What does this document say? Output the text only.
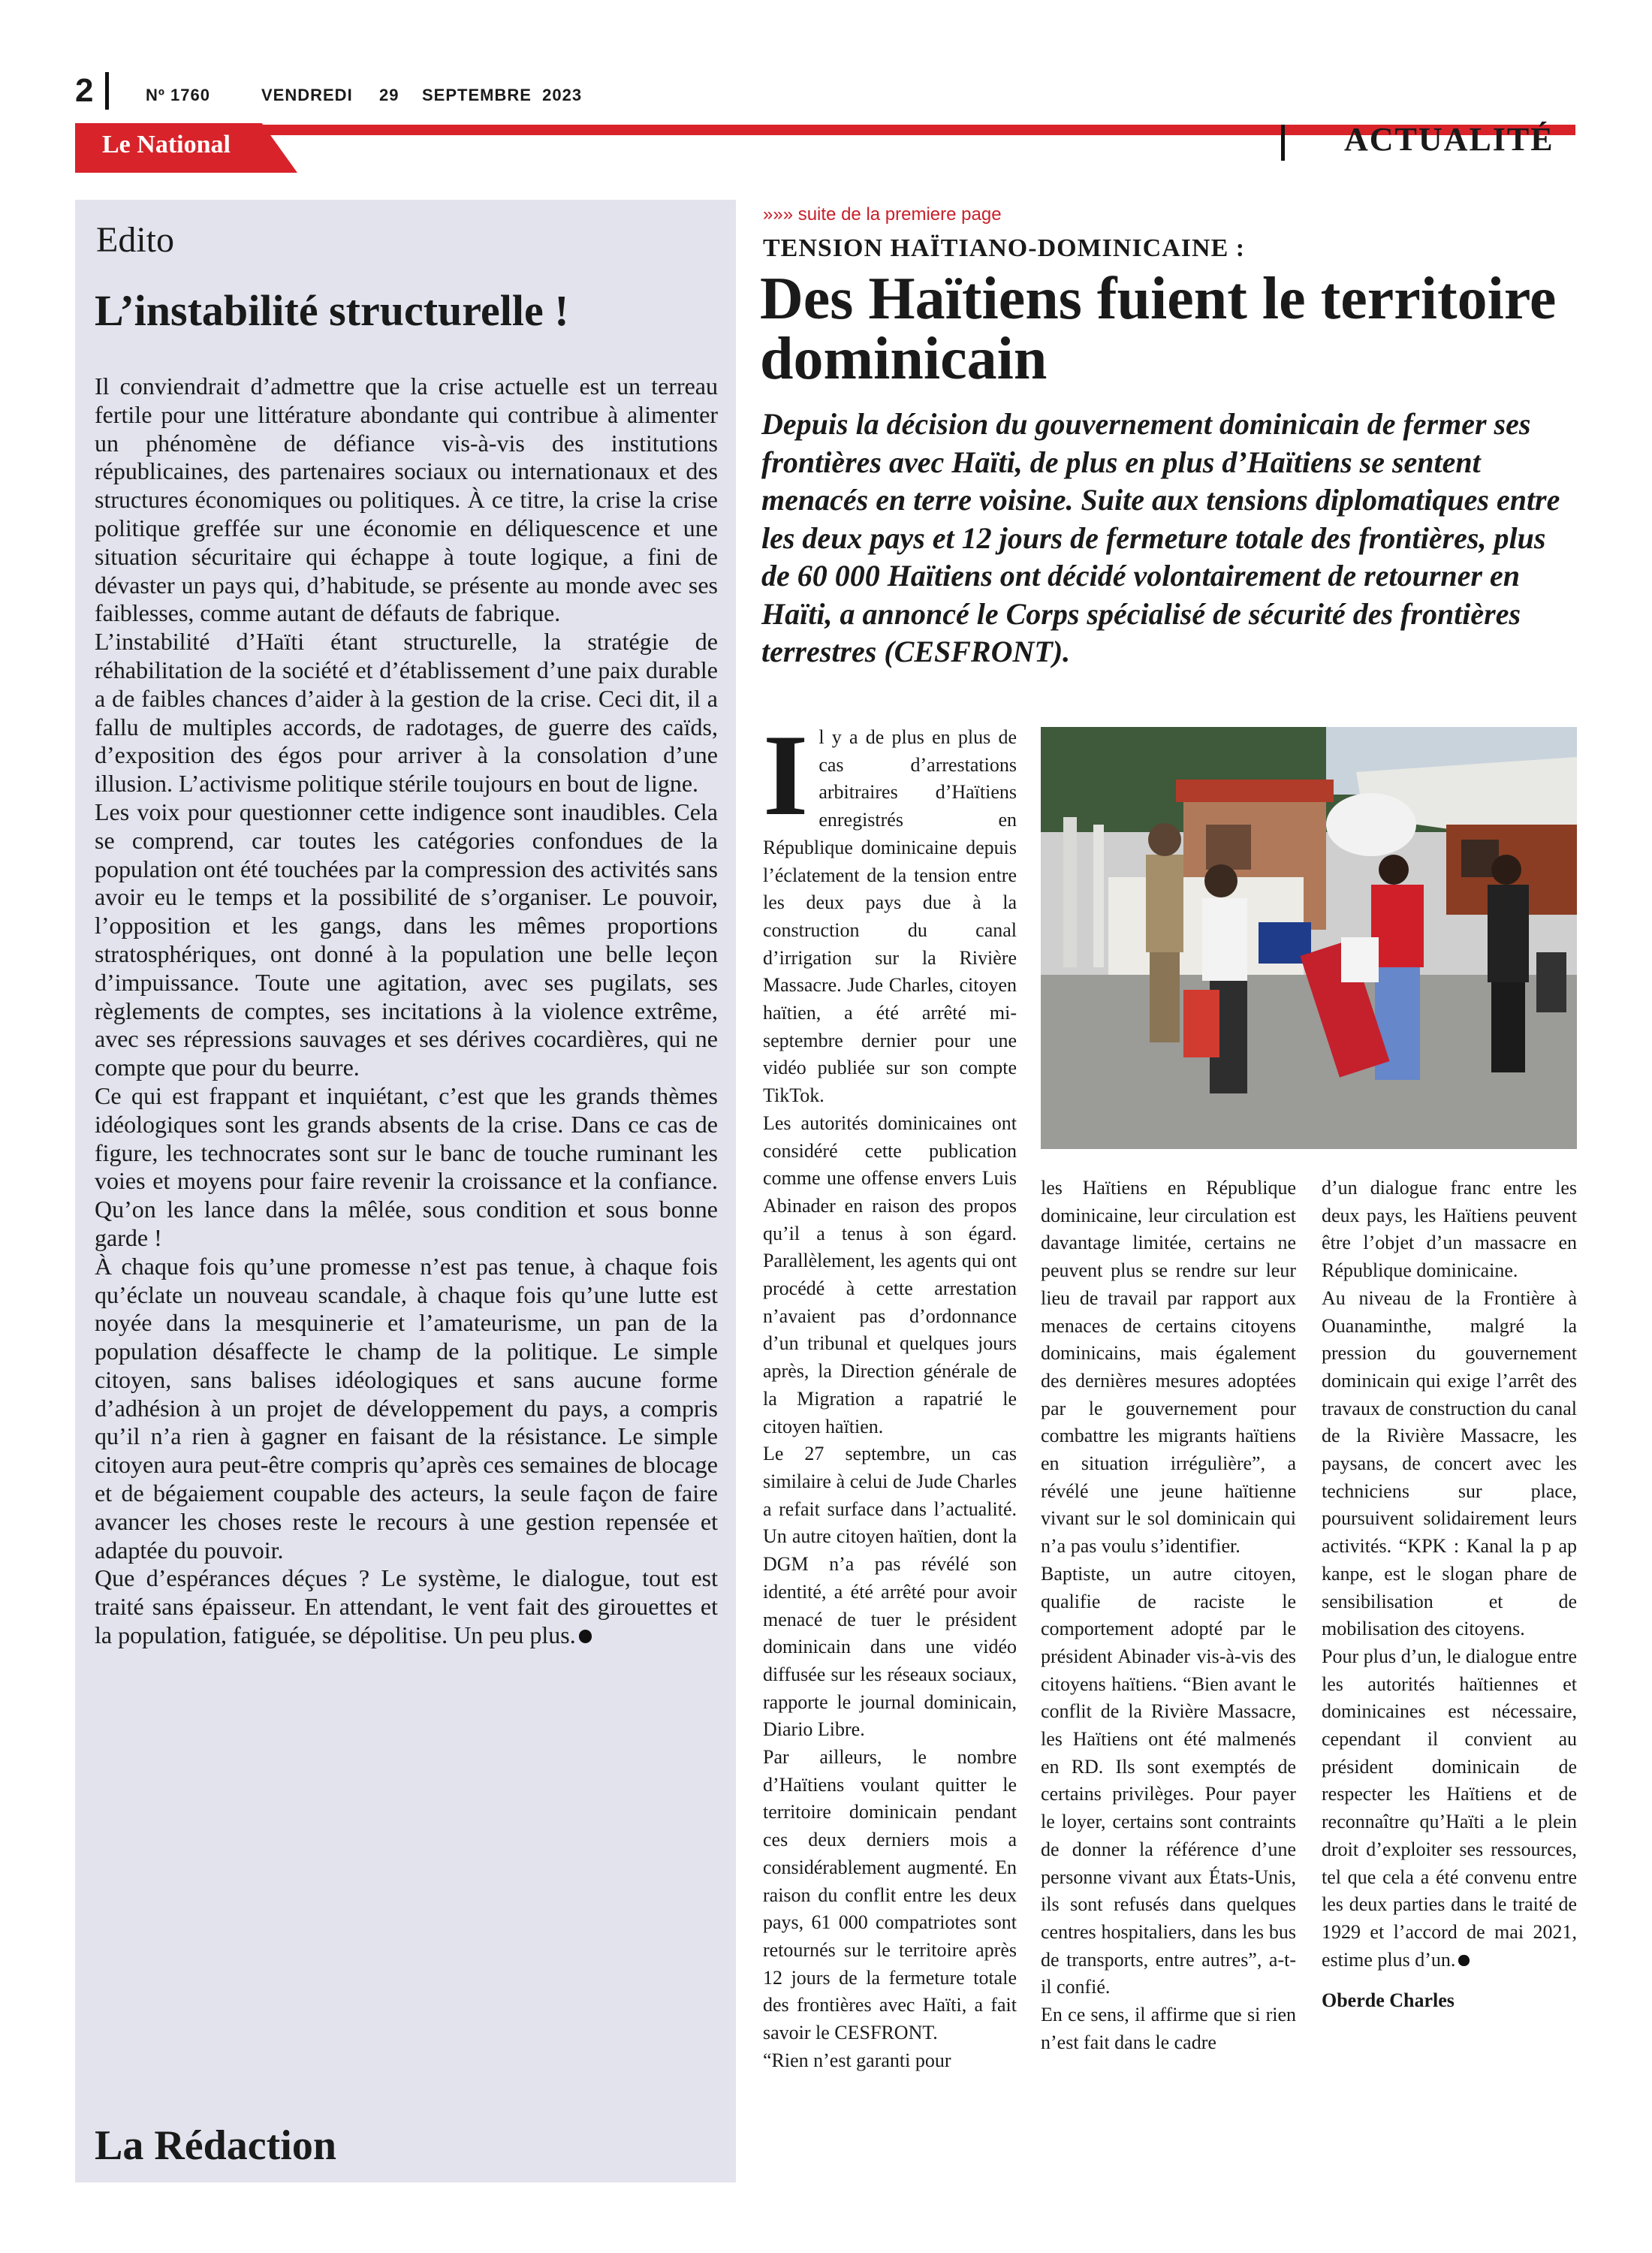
2	Nº 1760	VENDREDI 29 SEPTEMBRE  2023
Le National	ACTUALITÉ
Edito
L’instabilité structurelle !

Il conviendrait d’admettre que la crise actuelle est un terreau fertile pour une littérature abondante qui contribue à alimenter un phénomène de défiance vis-à-vis des institutions républicaines, des partenaires sociaux ou internationaux et des structures économiques ou politiques. À ce titre, la crise la crise politique greffée sur une économie en déliquescence et une situation sécuritaire qui échappe à toute logique, a fini de dévaster un pays qui, d’habitude, se présente au monde avec ses faiblesses, comme autant de défauts de fabrique.

L’instabilité d’Haïti étant structurelle, la stratégie de réhabilitation de la société et d’établissement d’une paix durable a de faibles chances d’aider à la gestion de la crise. Ceci dit, il a fallu de multiples accords, de radotages, de guerre des caïds, d’exposition des égos pour arriver à la consolation d’une illusion. L’activisme politique stérile toujours en bout de ligne.

Les voix pour questionner cette indigence sont inaudibles. Cela se comprend, car toutes les catégories confondues de la population ont été touchées par la compression des activités sans avoir eu le temps et la possibilité de s’organiser. Le pouvoir, l’opposition et les gangs, dans les mêmes proportions stratosphériques, ont donné à la population une belle leçon d’impuissance. Toute une agitation, avec ses pugilats, ses règlements de comptes, ses incitations à la violence extrême, avec ses répressions sauvages et ses dérives cocardières, qui ne compte que pour du beurre.

Ce qui est frappant et inquiétant, c’est que les grands thèmes idéologiques sont les grands absents de la crise. Dans ce cas de figure, les technocrates sont sur le banc de touche ruminant les voies et moyens pour faire revenir la croissance et la confiance. Qu’on les lance dans la mêlée, sous condition et sous bonne garde !

À chaque fois qu’une promesse n’est pas tenue, à chaque fois qu’éclate un nouveau scandale, à chaque fois qu’une lutte est noyée dans la mesquinerie et l’amateurisme, un pan de la population désaffecte le champ de la politique. Le simple citoyen, sans balises idéologiques et sans aucune forme d’adhésion à un projet de développement du pays, a compris qu’il n’a rien à gagner en faisant de la résistance. Le simple citoyen aura peut-être compris qu’après ces semaines de blocage et de bégaiement coupable des acteurs, la seule façon de faire avancer les choses reste le recours à une gestion repensée et adaptée du pouvoir.

Que d’espérances déçues ? Le système, le dialogue, tout est traité sans épaisseur. En attendant, le vent fait des girouettes et la population, fatiguée, se dépolitise. Un peu plus.

La Rédaction
»»» suite de la premiere page
TENSION HAÏTIANO-DOMINICAINE :
Des Haïtiens fuient le territoire dominicain
Depuis la décision du gouvernement dominicain de fermer ses frontières avec Haïti, de plus en plus d’Haïtiens se sentent menacés en terre voisine. Suite aux tensions diplomatiques entre les deux pays et 12 jours de fermeture totale des frontières, plus de 60 000 Haïtiens ont décidé volontairement de retourner en Haïti, a annoncé le Corps spécialisé de sécurité des frontières terrestres (CESFRONT).
I l y a de plus en plus de cas d’arrestations arbitraires d’Haïtiens enregistrés en République dominicaine depuis l’éclatement de la tension entre les deux pays due à la construction du canal d’irrigation sur la Rivière Massacre. Jude Charles, citoyen haïtien, a été arrêté mi-septembre dernier pour une vidéo publiée sur son compte TikTok.

Les autorités dominicaines ont considéré cette publication comme une offense envers Luis Abinader en raison des propos qu’il a tenus à son égard. Parallèlement, les agents qui ont procédé à cette arrestation n’avaient pas d’ordonnance d’un tribunal et quelques jours après, la Direction générale de la Migration a rapatrié le citoyen haïtien.

Le 27 septembre, un cas similaire à celui de Jude Charles a refait surface dans l’actualité. Un autre citoyen haïtien, dont la DGM n’a pas révélé son identité, a été arrêté pour avoir menacé de tuer le président dominicain dans une vidéo diffusée sur les réseaux sociaux, rapporte le journal dominicain, Diario Libre.

Par ailleurs, le nombre d’Haïtiens voulant quitter le territoire dominicain pendant ces deux derniers mois a considérablement augmenté. En raison du conflit entre les deux pays, 61 000 compatriotes sont retournés sur le territoire après 12 jours de la fermeture totale des frontières avec Haïti, a fait savoir le CESFRONT.

“Rien n’est garanti pour

les Haïtiens en République dominicaine, leur circulation est davantage limitée, certains ne peuvent plus se rendre sur leur lieu de travail par rapport aux menaces de certains citoyens dominicains, mais également des dernières mesures adoptées par le gouvernement pour combattre les migrants haïtiens en situation irrégulière”, a révélé une jeune haïtienne vivant sur le sol dominicain qui n’a pas voulu s’identifier.

Baptiste, un autre citoyen, qualifie de raciste le comportement adopté par le président Abinader vis-à-vis des citoyens haïtiens. “Bien avant le conflit de la Rivière Massacre, les Haïtiens ont été malmenés en RD. Ils sont exemptés de certains privilèges. Pour payer le loyer, certains sont contraints de donner la référence d’une personne vivant aux États-Unis, ils sont refusés dans quelques centres hospitaliers, dans les bus de transports, entre autres”, a-t-il confié.

En ce sens, il affirme que si rien n’est fait dans le cadre

d’un dialogue franc entre les deux pays, les Haïtiens peuvent être l’objet d’un massacre en République dominicaine.

Au niveau de la Frontière à Ouanaminthe, malgré la pression du gouvernement dominicain qui exige l’arrêt des travaux de construction du canal de la Rivière Massacre, les paysans, de concert avec les techniciens sur place, poursuivent solidairement leurs activités. “KPK : Kanal la p ap kanpe, est le slogan phare de sensibilisation et de mobilisation des citoyens.

Pour plus d’un, le dialogue entre les autorités haïtiennes et dominicaines est nécessaire, cependant il convient au président dominicain de respecter les Haïtiens et de reconnaître qu’Haïti a le plein droit d’exploiter ses ressources, tel que cela a été convenu entre les deux parties dans le traité de 1929 et l’accord de mai 2021, estime plus d’un.

Oberde Charles
